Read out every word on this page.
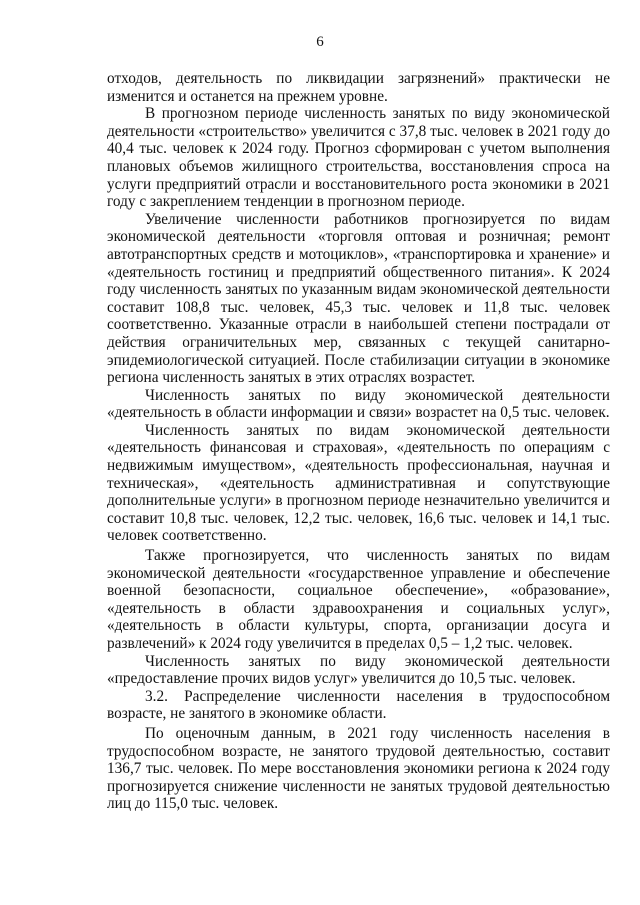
6

отходов, деятельность по ликвидации загрязнений» практически не изменится и останется на прежнем уровне.

В прогнозном периоде численность занятых по виду экономической деятельности «строительство» увеличится с 37,8 тыс. человек в 2021 году до 40,4 тыс. человек к 2024 году. Прогноз сформирован с учетом выполнения плановых объемов жилищного строительства, восстановления спроса на услуги предприятий отрасли и восстановительного роста экономики в 2021 году с закреплением тенденции в прогнозном периоде.

Увеличение численности работников прогнозируется по видам экономической деятельности «торговля оптовая и розничная; ремонт автотранспортных средств и мотоциклов», «транспортировка и хранение» и «деятельность гостиниц и предприятий общественного питания». К 2024 году численность занятых по указанным видам экономической деятельности составит 108,8 тыс. человек, 45,3 тыс. человек и 11,8 тыс. человек соответственно. Указанные отрасли в наибольшей степени пострадали от действия ограничительных мер, связанных с текущей санитарно-эпидемиологической ситуацией. После стабилизации ситуации в экономике региона численность занятых в этих отраслях возрастет.

Численность занятых по виду экономической деятельности «деятельность в области информации и связи» возрастет на 0,5 тыс. человек.

Численность занятых по видам экономической деятельности «деятельность финансовая и страховая», «деятельность по операциям с недвижимым имуществом», «деятельность профессиональная, научная и техническая», «деятельность административная и сопутствующие дополнительные услуги» в прогнозном периоде незначительно увеличится и составит 10,8 тыс. человек, 12,2 тыс. человек, 16,6 тыс. человек и 14,1 тыс. человек соответственно.

Также прогнозируется, что численность занятых по видам экономической деятельности «государственное управление и обеспечение военной безопасности, социальное обеспечение», «образование», «деятельность в области здравоохранения и социальных услуг», «деятельность в области культуры, спорта, организации досуга и развлечений» к 2024 году увеличится в пределах 0,5 – 1,2 тыс. человек.

Численность занятых по виду экономической деятельности «предоставление прочих видов услуг» увеличится до 10,5 тыс. человек.

3.2. Распределение численности населения в трудоспособном возрасте, не занятого в экономике области.

По оценочным данным, в 2021 году численность населения в трудоспособном возрасте, не занятого трудовой деятельностью, составит 136,7 тыс. человек. По мере восстановления экономики региона к 2024 году прогнозируется снижение численности не занятых трудовой деятельностью лиц до 115,0 тыс. человек.
